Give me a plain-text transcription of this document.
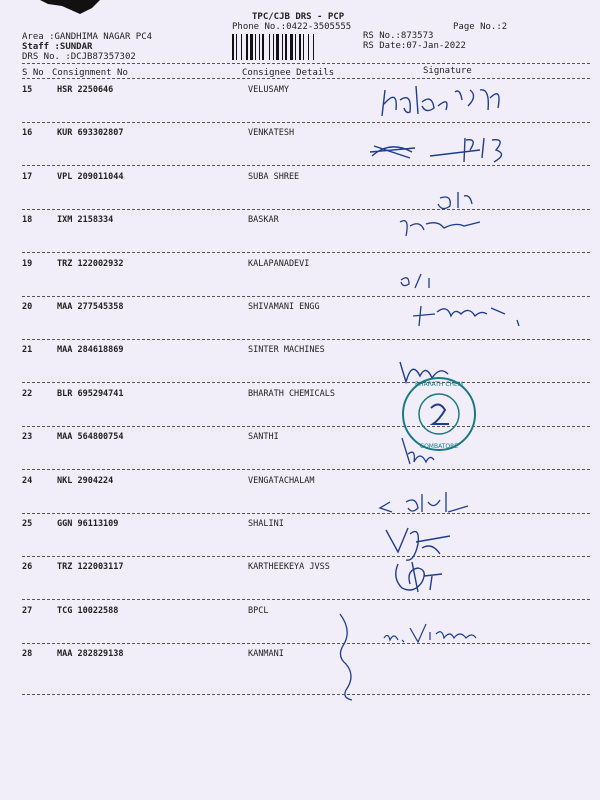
TPC/CJB DRS - PCP
Phone No.:0422-3505555	Page No.:2
Area :GANDHIMA NAGAR PC4
Staff :SUNDAR
DRS No. :DCJB87357302
RS No.:873573
RS Date:07-Jan-2022
S No Consignment No	Consignee Details	Signature
15	HSR 2250646	VELUSAMY
16	KUR 693302807	VENKATESH
17	VPL 209011044	SUBA SHREE
18	IXM 2158334	BASKAR
19	TRZ 122002932	KALAPANADEVI
20	MAA 277545358	SHIVAMANI ENGG
21	MAA 284618869	SINTER MACHINES
22	BLR 695294741	BHARATH CHEMICALS
23	MAA 564800754	SANTHI
24	NKL 2904224	VENGATACHALAM
25	GGN 96113109	SHALINI
26	TRZ 122003117	KARTHEEKEYA JVSS
27	TCG 10022588	BPCL
28	MAA 282829138	KANMANI
BHARATH CHEM
COMBATORE
